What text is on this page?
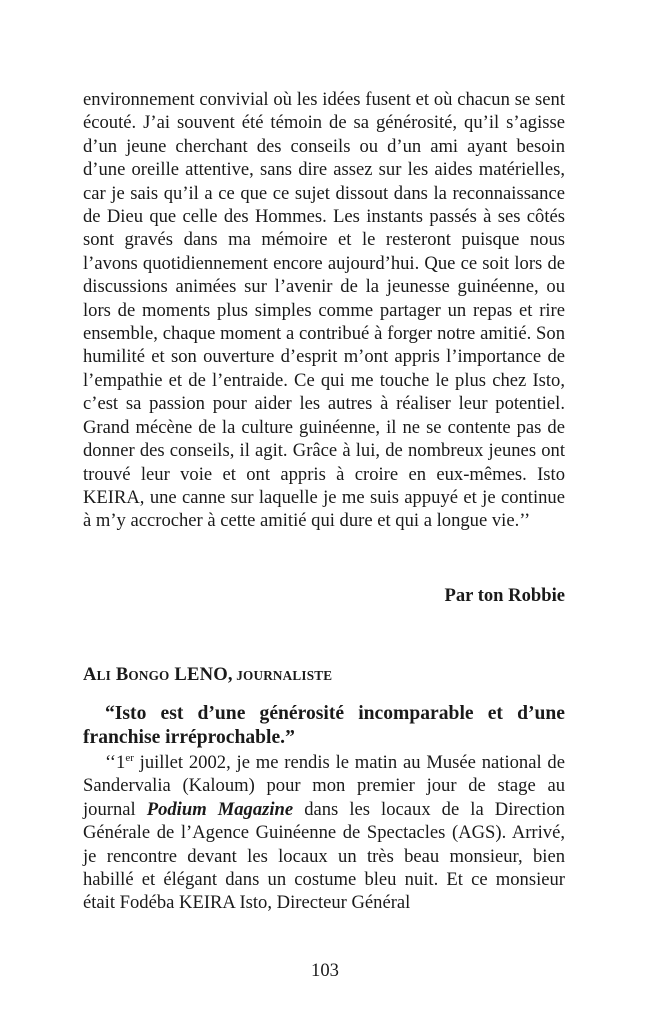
environnement convivial où les idées fusent et où chacun se sent écouté. J’ai souvent été témoin de sa générosité, qu’il s’agisse d’un jeune cherchant des conseils ou d’un ami ayant besoin d’une oreille attentive, sans dire assez sur les aides matérielles, car je sais qu’il a ce que ce sujet dissout dans la reconnaissance de Dieu que celle des Hommes. Les instants passés à ses côtés sont gravés dans ma mémoire et le resteront puisque nous l’avons quotidiennement encore aujourd’hui. Que ce soit lors de discussions animées sur l’avenir de la jeunesse guinéenne, ou lors de moments plus simples comme partager un repas et rire ensemble, chaque moment a contribué à forger notre amitié. Son humilité et son ouverture d’esprit m’ont appris l’importance de l’empathie et de l’entraide. Ce qui me touche le plus chez Isto, c’est sa passion pour aider les autres à réaliser leur potentiel. Grand mécène de la culture guinéenne, il ne se contente pas de donner des conseils, il agit. Grâce à lui, de nombreux jeunes ont trouvé leur voie et ont appris à croire en eux-mêmes. Isto KEIRA, une canne sur laquelle je me suis appuyé et je continue à m’y accrocher à cette amitié qui dure et qui a longue vie.’’

Par ton Robbie
ALI BONGO LENO, JOURNALISTE

“Isto est d’une générosité incomparable et d’une franchise irréprochable.”

‘‘1er juillet 2002, je me rendis le matin au Musée national de Sandervalia (Kaloum) pour mon premier jour de stage au journal Podium Magazine dans les locaux de la Direction Générale de l’Agence Guinéenne de Spectacles (AGS). Arrivé, je rencontre devant les locaux un très beau monsieur, bien habillé et élégant dans un costume bleu nuit. Et ce monsieur était Fodéba KEIRA Isto, Directeur Général

103
